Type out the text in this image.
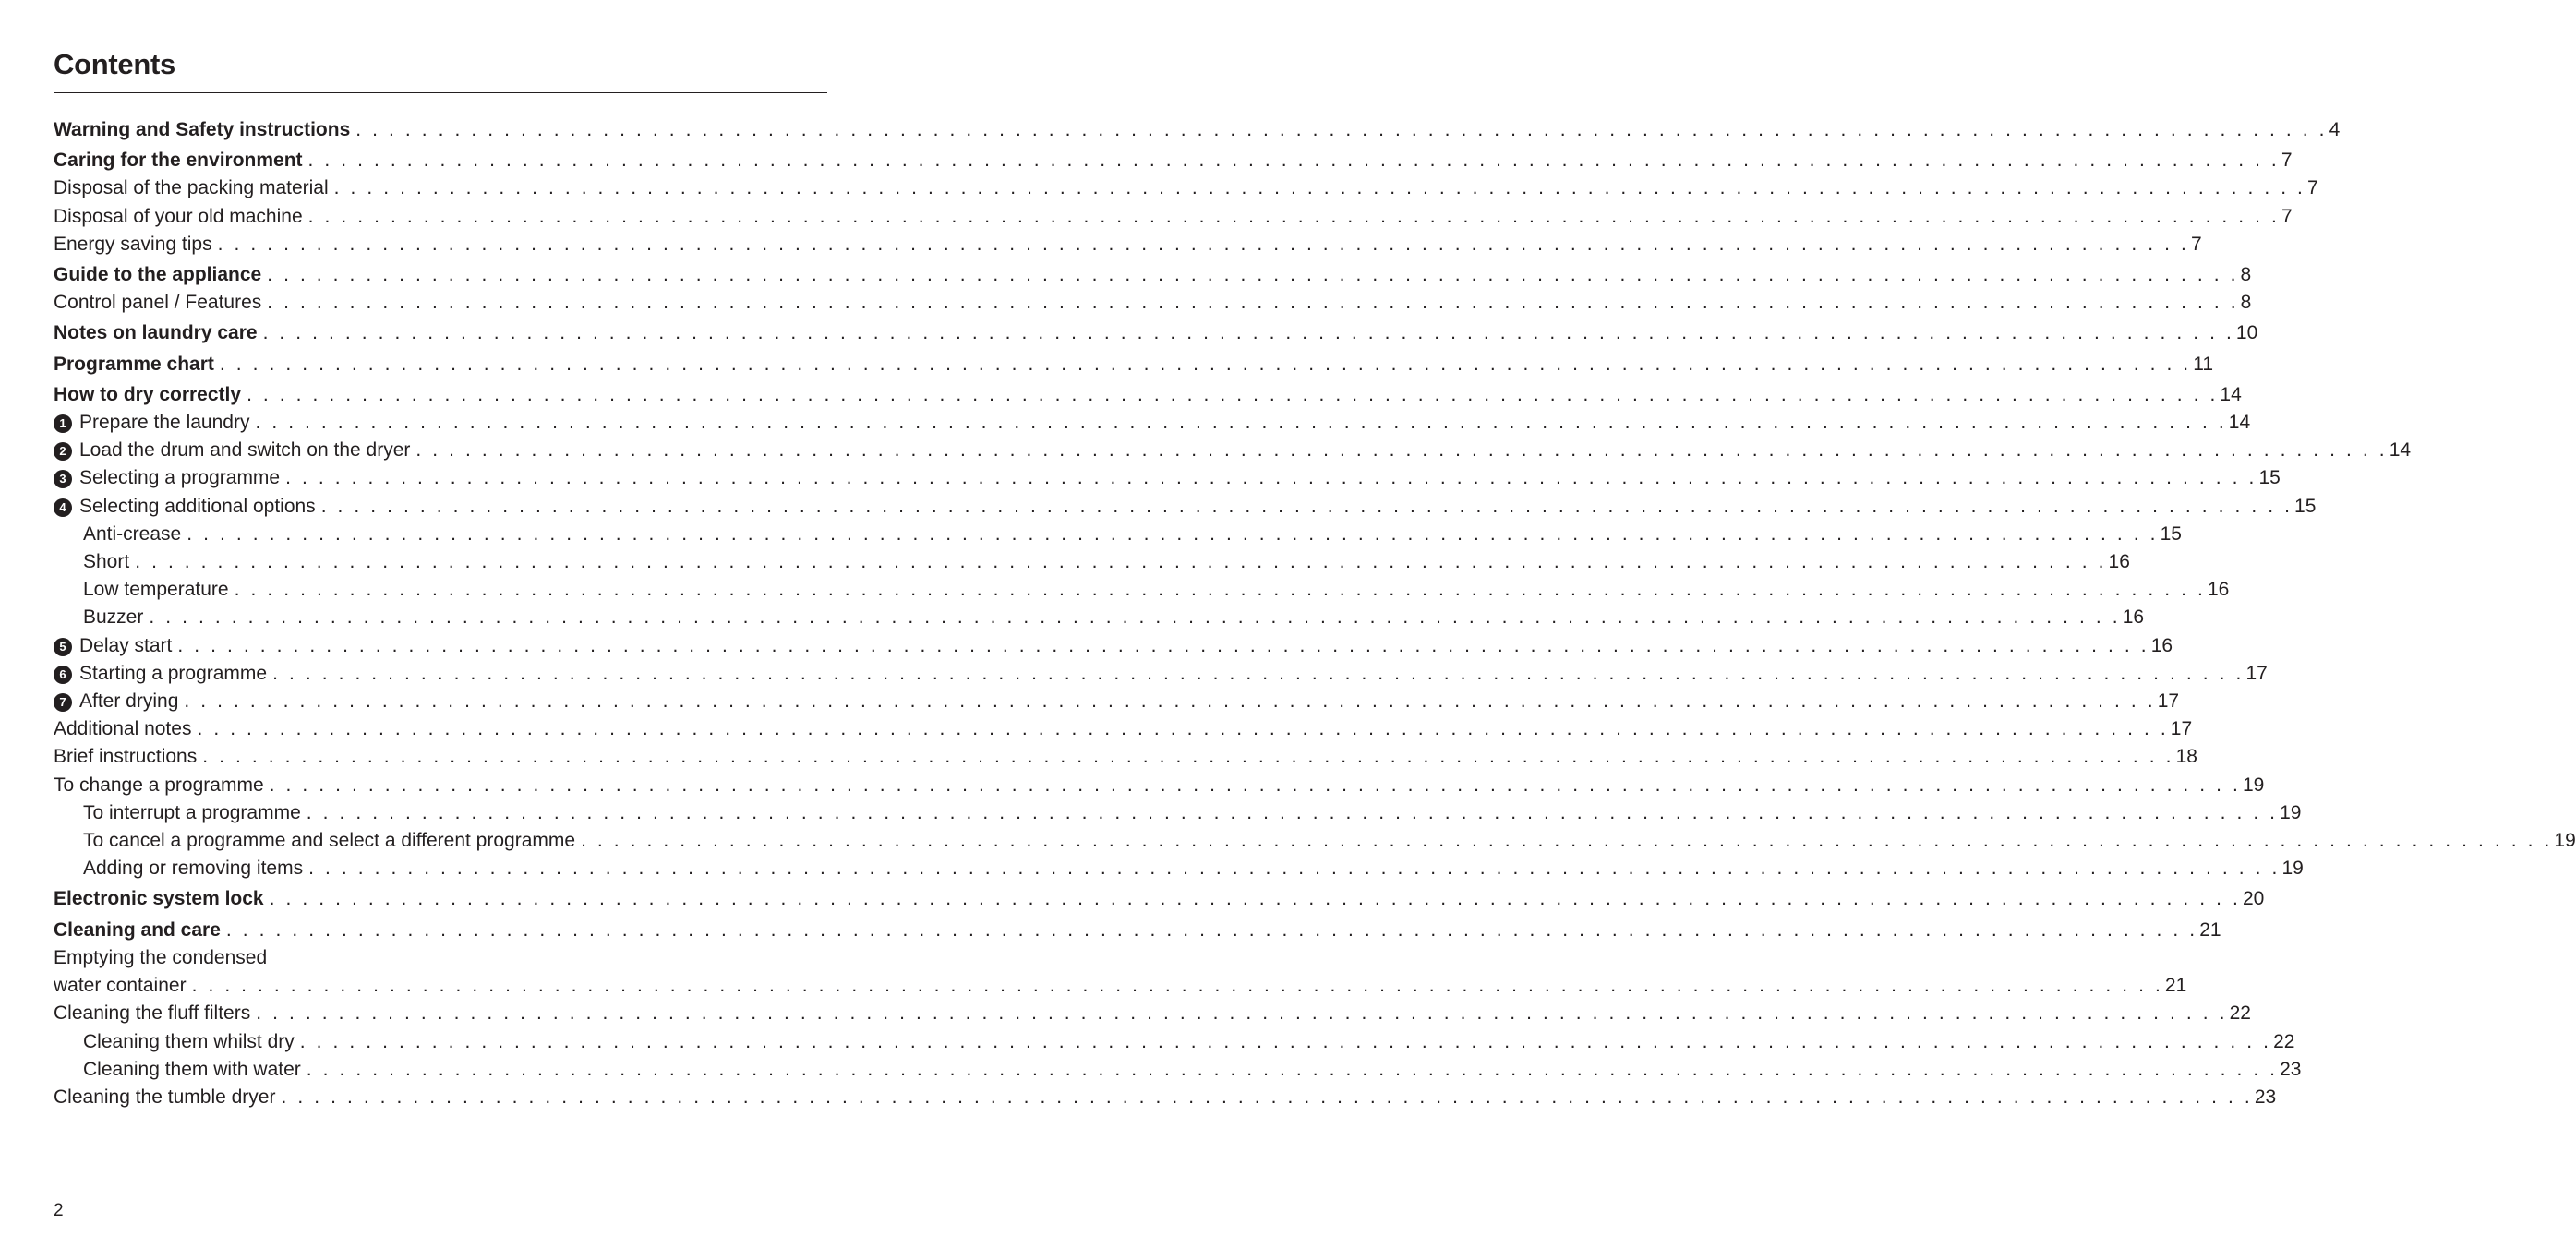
Contents
Warning and Safety instructions . . . . . . . . . . . . . . . . . . . . . . . . . . . . . . . . . . . . . . . . . . . . . . . . . . . . . . . . . . . . . . . . . . . . . . . . . . . . . . . . . . . . . . . . . . . . . . . . . . . . . . . . . . . . . . . . . . . . . . . . 4
Caring for the environment . . . . . . . . . . . . . . . . . . . . . . . . . . . . . . . . . . . . . . . . . . . . . . . . . . . . . . . . . . . . . . . . . . . . . . . . . . . . . . . . . . . . . . . . . . . . . . . . . . . . . . . . . . . . . . . . . . . . . . . . 7
Disposal of the packing material . . . . . . . . . . . . . . . . . . . . . . . . . . . . . . . . . . . . . . . . . . . . . . . . . . . . . . . . . . . . . . . . . . . . . . . . . . . . . . . . . . . . . . . . . . . . . . . . . . . . . . . . . . . . . . . . . . . . . . . . 7
Disposal of your old machine . . . . . . . . . . . . . . . . . . . . . . . . . . . . . . . . . . . . . . . . . . . . . . . . . . . . . . . . . . . . . . . . . . . . . . . . . . . . . . . . . . . . . . . . . . . . . . . . . . . . . . . . . . . . . . . . . . . . . . . . 7
Energy saving tips . . . . . . . . . . . . . . . . . . . . . . . . . . . . . . . . . . . . . . . . . . . . . . . . . . . . . . . . . . . . . . . . . . . . . . . . . . . . . . . . . . . . . . . . . . . . . . . . . . . . . . . . . . . . . . . . . . . . . . . . 7
Guide to the appliance . . . . . . . . . . . . . . . . . . . . . . . . . . . . . . . . . . . . . . . . . . . . . . . . . . . . . . . . . . . . . . . . . . . . . . . . . . . . . . . . . . . . . . . . . . . . . . . . . . . . . . . . . . . . . . . . . . . . . . . . 8
Control panel / Features . . . . . . . . . . . . . . . . . . . . . . . . . . . . . . . . . . . . . . . . . . . . . . . . . . . . . . . . . . . . . . . . . . . . . . . . . . . . . . . . . . . . . . . . . . . . . . . . . . . . . . . . . . . . . . . . . . . . . . . . 8
Notes on laundry care . . . . . . . . . . . . . . . . . . . . . . . . . . . . . . . . . . . . . . . . . . . . . . . . . . . . . . . . . . . . . . . . . . . . . . . . . . . . . . . . . . . . . . . . . . . . . . . . . . . . . . . . . . . . . . . . . . . . . . . . 10
Programme chart . . . . . . . . . . . . . . . . . . . . . . . . . . . . . . . . . . . . . . . . . . . . . . . . . . . . . . . . . . . . . . . . . . . . . . . . . . . . . . . . . . . . . . . . . . . . . . . . . . . . . . . . . . . . . . . . . . . . . . . . 11
How to dry correctly . . . . . . . . . . . . . . . . . . . . . . . . . . . . . . . . . . . . . . . . . . . . . . . . . . . . . . . . . . . . . . . . . . . . . . . . . . . . . . . . . . . . . . . . . . . . . . . . . . . . . . . . . . . . . . . . . . . . . . . . 14
1 Prepare the laundry . . . . . . . . . . . . . . . . . . . . . . . . . . . . . . . . . . . . . . . . . . . . . . . . . . . . . . . . . . . . . . . . . . . . . . . . . . . . . . . . . . . . . . . . . . . . . . . . . . . . . . . . . . . . . . . . . . . . . . . . 14
2 Load the drum and switch on the dryer . . . . . . . . . . . . . . . . . . . . . . . . . . . . . . . . . . . . . . . . . . . . . . . . . . . . . . . . . . . . . . . . . . . . . . . . . . . . . . . . . . . . . . . . . . . . . . . . . . . . . . . . . . . . . . . . . . . . . . . . 14
3 Selecting a programme . . . . . . . . . . . . . . . . . . . . . . . . . . . . . . . . . . . . . . . . . . . . . . . . . . . . . . . . . . . . . . . . . . . . . . . . . . . . . . . . . . . . . . . . . . . . . . . . . . . . . . . . . . . . . . . . . . . . . . . . 15
4 Selecting additional options . . . . . . . . . . . . . . . . . . . . . . . . . . . . . . . . . . . . . . . . . . . . . . . . . . . . . . . . . . . . . . . . . . . . . . . . . . . . . . . . . . . . . . . . . . . . . . . . . . . . . . . . . . . . . . . . . . . . . . . . 15
Anti-crease . . . . . . . . . . . . . . . . . . . . . . . . . . . . . . . . . . . . . . . . . . . . . . . . . . . . . . . . . . . . . . . . . . . . . . . . . . . . . . . . . . . . . . . . . . . . . . . . . . . . . . . . . . . . . . . . . . . . . . . . 15
Short . . . . . . . . . . . . . . . . . . . . . . . . . . . . . . . . . . . . . . . . . . . . . . . . . . . . . . . . . . . . . . . . . . . . . . . . . . . . . . . . . . . . . . . . . . . . . . . . . . . . . . . . . . . . . . . . . . . . . . . . 16
Low temperature . . . . . . . . . . . . . . . . . . . . . . . . . . . . . . . . . . . . . . . . . . . . . . . . . . . . . . . . . . . . . . . . . . . . . . . . . . . . . . . . . . . . . . . . . . . . . . . . . . . . . . . . . . . . . . . . . . . . . . . . 16
Buzzer . . . . . . . . . . . . . . . . . . . . . . . . . . . . . . . . . . . . . . . . . . . . . . . . . . . . . . . . . . . . . . . . . . . . . . . . . . . . . . . . . . . . . . . . . . . . . . . . . . . . . . . . . . . . . . . . . . . . . . . . 16
5 Delay start . . . . . . . . . . . . . . . . . . . . . . . . . . . . . . . . . . . . . . . . . . . . . . . . . . . . . . . . . . . . . . . . . . . . . . . . . . . . . . . . . . . . . . . . . . . . . . . . . . . . . . . . . . . . . . . . . . . . . . . . 16
6 Starting a programme . . . . . . . . . . . . . . . . . . . . . . . . . . . . . . . . . . . . . . . . . . . . . . . . . . . . . . . . . . . . . . . . . . . . . . . . . . . . . . . . . . . . . . . . . . . . . . . . . . . . . . . . . . . . . . . . . . . . . . . . 17
7 After drying . . . . . . . . . . . . . . . . . . . . . . . . . . . . . . . . . . . . . . . . . . . . . . . . . . . . . . . . . . . . . . . . . . . . . . . . . . . . . . . . . . . . . . . . . . . . . . . . . . . . . . . . . . . . . . . . . . . . . . . . 17
Additional notes . . . . . . . . . . . . . . . . . . . . . . . . . . . . . . . . . . . . . . . . . . . . . . . . . . . . . . . . . . . . . . . . . . . . . . . . . . . . . . . . . . . . . . . . . . . . . . . . . . . . . . . . . . . . . . . . . . . . . . . . 17
Brief instructions . . . . . . . . . . . . . . . . . . . . . . . . . . . . . . . . . . . . . . . . . . . . . . . . . . . . . . . . . . . . . . . . . . . . . . . . . . . . . . . . . . . . . . . . . . . . . . . . . . . . . . . . . . . . . . . . . . . . . . . . 18
To change a programme . . . . . . . . . . . . . . . . . . . . . . . . . . . . . . . . . . . . . . . . . . . . . . . . . . . . . . . . . . . . . . . . . . . . . . . . . . . . . . . . . . . . . . . . . . . . . . . . . . . . . . . . . . . . . . . . . . . . . . . . 19
To interrupt a programme . . . . . . . . . . . . . . . . . . . . . . . . . . . . . . . . . . . . . . . . . . . . . . . . . . . . . . . . . . . . . . . . . . . . . . . . . . . . . . . . . . . . . . . . . . . . . . . . . . . . . . . . . . . . . . . . . . . . . . . . 19
To cancel a programme and select a different programme . . . . . . . . . . . . . . . . . . . . . . . . . . . . . . . . . . . . . . . . . . . . . . . . . . . . . . . . . . . . . . . . . . . . . . . . . . . . . . . . . . . . . . . . . . . . . . . . . . . . . . . . . . . . . . . . . . . . . . . . 19
Adding or removing items . . . . . . . . . . . . . . . . . . . . . . . . . . . . . . . . . . . . . . . . . . . . . . . . . . . . . . . . . . . . . . . . . . . . . . . . . . . . . . . . . . . . . . . . . . . . . . . . . . . . . . . . . . . . . . . . . . . . . . . . 19
Electronic system lock . . . . . . . . . . . . . . . . . . . . . . . . . . . . . . . . . . . . . . . . . . . . . . . . . . . . . . . . . . . . . . . . . . . . . . . . . . . . . . . . . . . . . . . . . . . . . . . . . . . . . . . . . . . . . . . . . . . . . . . . 20
Cleaning and care . . . . . . . . . . . . . . . . . . . . . . . . . . . . . . . . . . . . . . . . . . . . . . . . . . . . . . . . . . . . . . . . . . . . . . . . . . . . . . . . . . . . . . . . . . . . . . . . . . . . . . . . . . . . . . . . . . . . . . . . 21
Emptying the condensed
water container . . . . . . . . . . . . . . . . . . . . . . . . . . . . . . . . . . . . . . . . . . . . . . . . . . . . . . . . . . . . . . . . . . . . . . . . . . . . . . . . . . . . . . . . . . . . . . . . . . . . . . . . . . . . . . . . . . . . . . . . 21
Cleaning the fluff filters . . . . . . . . . . . . . . . . . . . . . . . . . . . . . . . . . . . . . . . . . . . . . . . . . . . . . . . . . . . . . . . . . . . . . . . . . . . . . . . . . . . . . . . . . . . . . . . . . . . . . . . . . . . . . . . . . . . . . . . . 22
Cleaning them whilst dry . . . . . . . . . . . . . . . . . . . . . . . . . . . . . . . . . . . . . . . . . . . . . . . . . . . . . . . . . . . . . . . . . . . . . . . . . . . . . . . . . . . . . . . . . . . . . . . . . . . . . . . . . . . . . . . . . . . . . . . . 22
Cleaning them with water . . . . . . . . . . . . . . . . . . . . . . . . . . . . . . . . . . . . . . . . . . . . . . . . . . . . . . . . . . . . . . . . . . . . . . . . . . . . . . . . . . . . . . . . . . . . . . . . . . . . . . . . . . . . . . . . . . . . . . . . 23
Cleaning the tumble dryer . . . . . . . . . . . . . . . . . . . . . . . . . . . . . . . . . . . . . . . . . . . . . . . . . . . . . . . . . . . . . . . . . . . . . . . . . . . . . . . . . . . . . . . . . . . . . . . . . . . . . . . . . . . . . . . . . . . . . . . . 23
2
